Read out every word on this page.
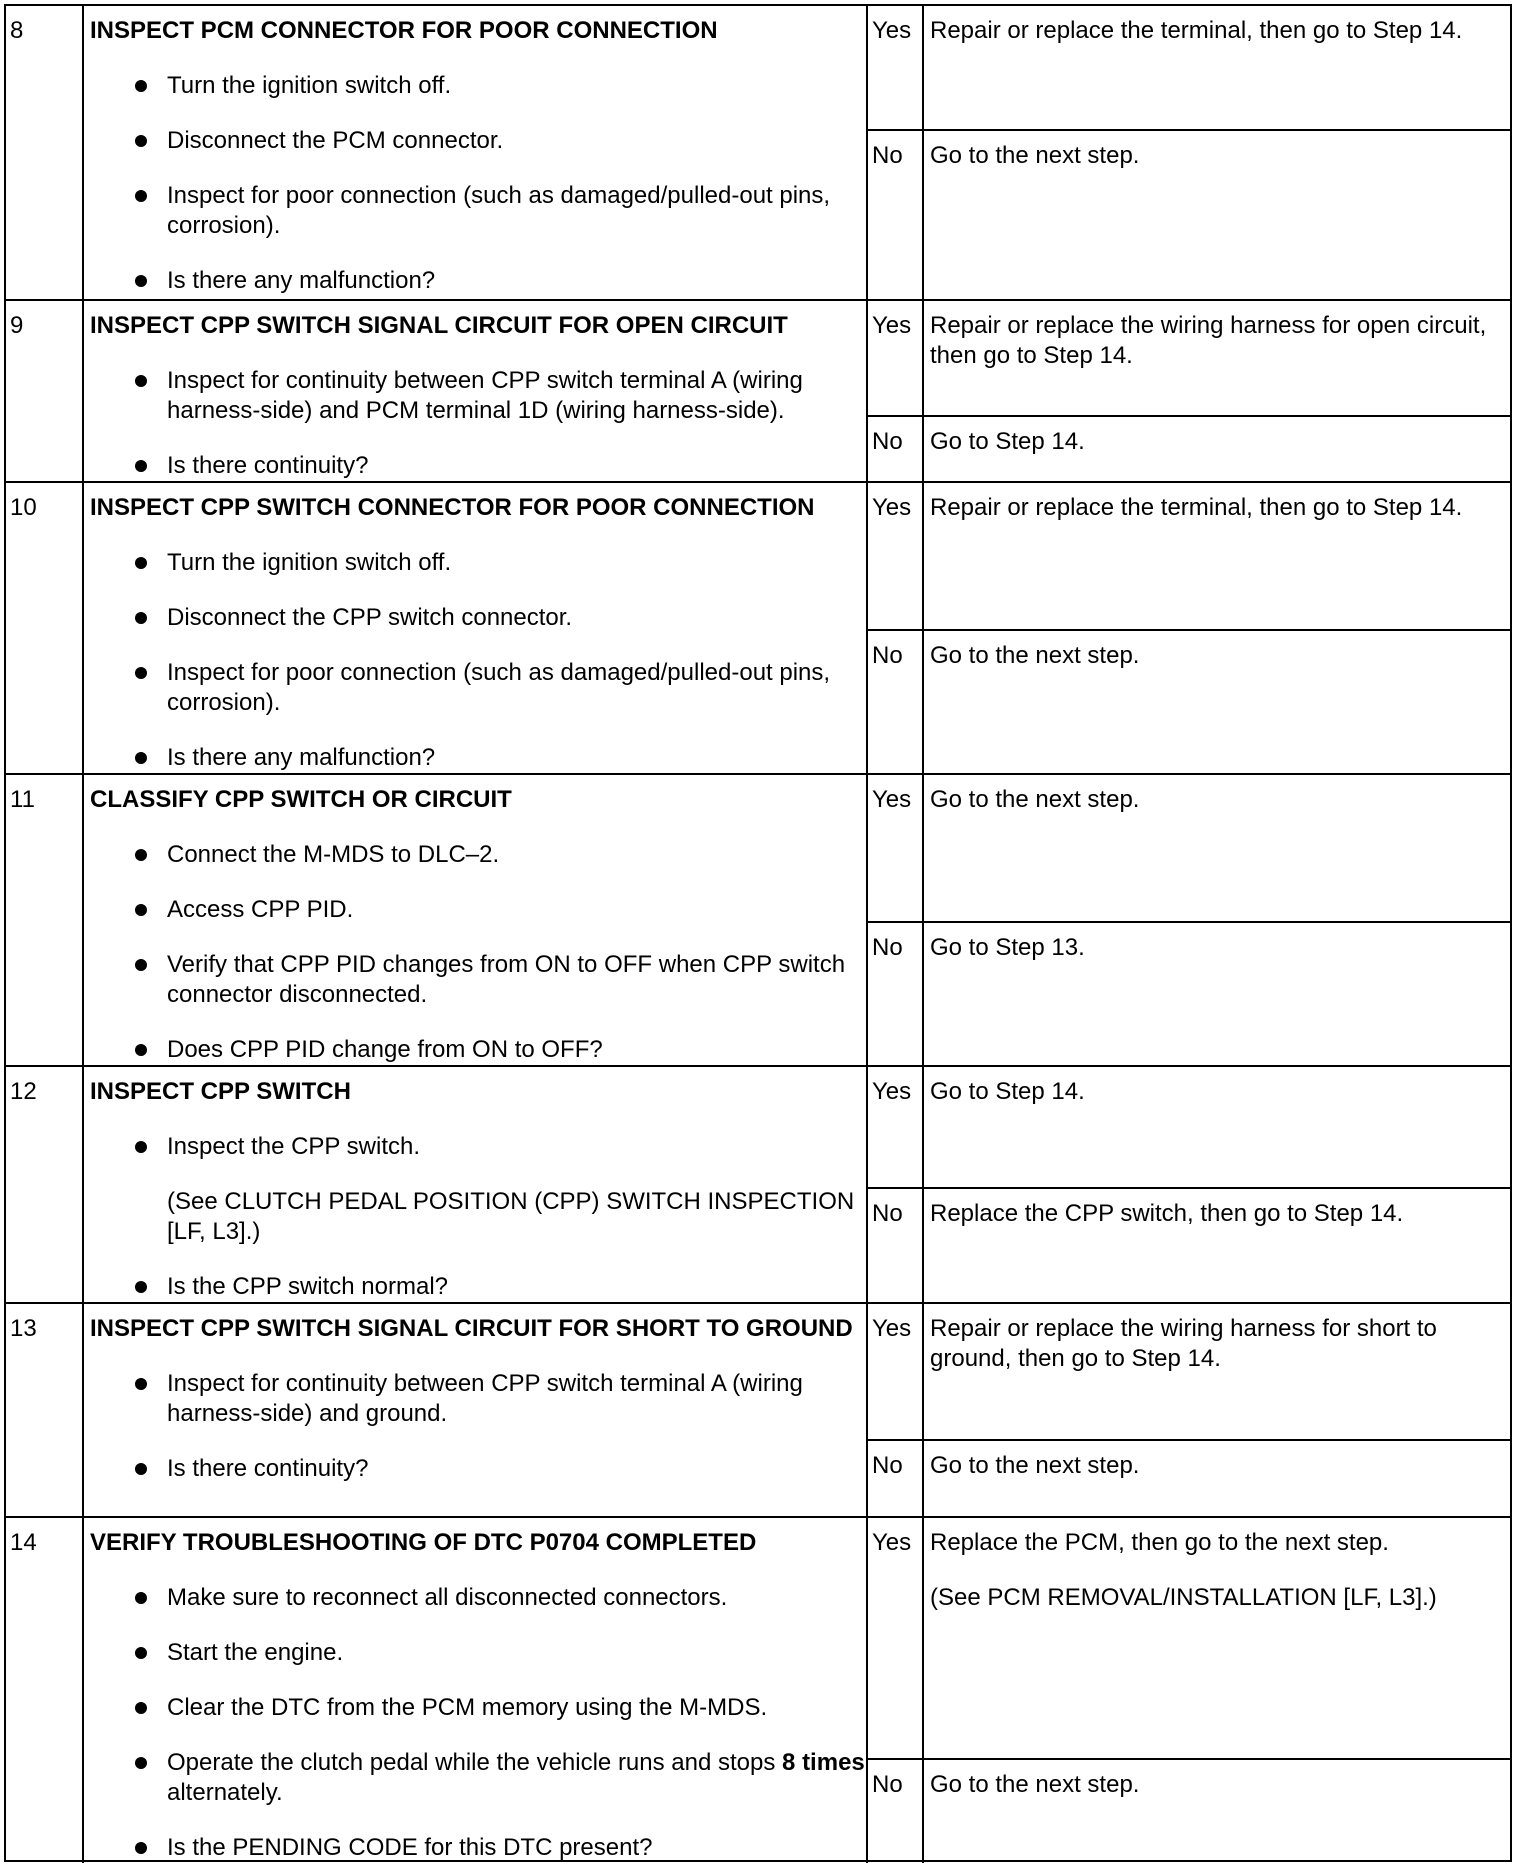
8	INSPECT PCM CONNECTOR FOR POOR CONNECTION
Turn the ignition switch off.
Disconnect the PCM connector.
Inspect for poor connection (such as damaged/pulled-out pins, corrosion).
Is there any malfunction?
Yes Repair or replace the terminal, then go to Step 14.

No	Go to the next step.

9	INSPECT CPP SWITCH SIGNAL CIRCUIT FOR OPEN CIRCUIT
Inspect for continuity between CPP switch terminal A (wiring harness-side) and PCM terminal 1D (wiring harness-side).
Is there continuity?
Yes Repair or replace the wiring harness for open circuit, then go to Step 14.

No	Go to Step 14.

10	INSPECT CPP SWITCH CONNECTOR FOR POOR CONNECTION
Turn the ignition switch off.
Disconnect the CPP switch connector.
Inspect for poor connection (such as damaged/pulled-out pins, corrosion).
Is there any malfunction?
Yes Repair or replace the terminal, then go to Step 14.

No	Go to the next step.

11	CLASSIFY CPP SWITCH OR CIRCUIT
Connect the M-MDS to DLC–2.
Access CPP PID.
Verify that CPP PID changes from ON to OFF when CPP switch connector disconnected.
Does CPP PID change from ON to OFF?
Yes Go to the next step.

No	Go to Step 13.

12	INSPECT CPP SWITCH
Inspect the CPP switch.
(See CLUTCH PEDAL POSITION (CPP) SWITCH INSPECTION [LF, L3].)
Is the CPP switch normal?
Yes Go to Step 14.

No	Replace the CPP switch, then go to Step 14.

13	INSPECT CPP SWITCH SIGNAL CIRCUIT FOR SHORT TO GROUND
Inspect for continuity between CPP switch terminal A (wiring harness-side) and ground.
Is there continuity?
Yes Repair or replace the wiring harness for short to ground, then go to Step 14.

No	Go to the next step.

14	VERIFY TROUBLESHOOTING OF DTC P0704 COMPLETED
Make sure to reconnect all disconnected connectors.
Start the engine.
Clear the DTC from the PCM memory using the M-MDS.
Operate the clutch pedal while the vehicle runs and stops 8 times alternately.
Is the PENDING CODE for this DTC present?
Yes Replace the PCM, then go to the next step.

(See PCM REMOVAL/INSTALLATION [LF, L3].)

No	Go to the next step.
